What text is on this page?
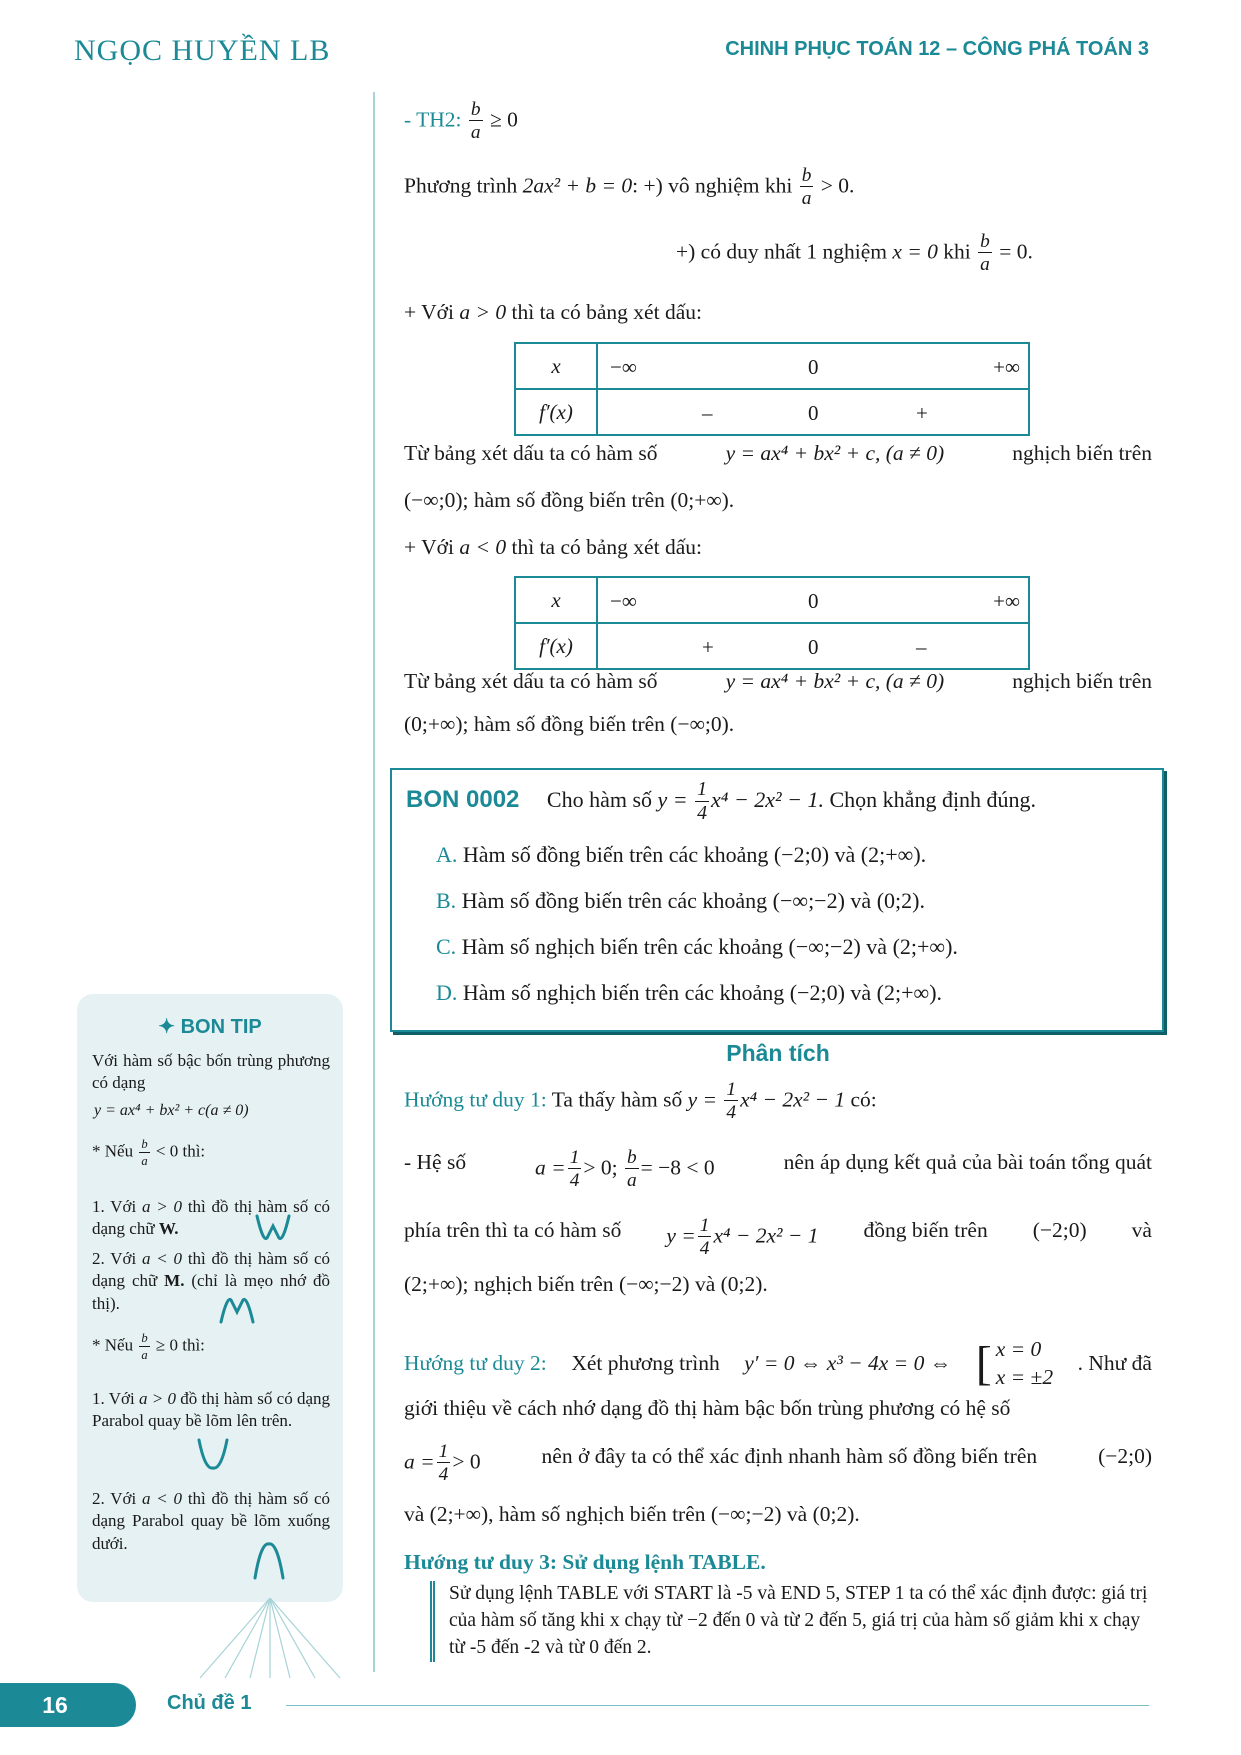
NGỌC HUYỀN LB	CHINH PHỤC TOÁN 12 – CÔNG PHÁ TOÁN 3
- TH2: $\frac{b}{a} \ge 0$
Phương trình 2ax² + b = 0: +) vô nghiệm khi $\frac{b}{a} > 0$.
+) có duy nhất 1 nghiệm x = 0 khi $\frac{b}{a} = 0$.
+ Với a > 0 thì ta có bảng xét dấu:
x	−∞ 0 +∞

f′(x)	– 0 +
Từ bảng xét dấu ta có hàm số	y = ax⁴ + bx² + c, (a ≠ 0)	nghịch biến trên
(−∞;0); hàm số đồng biến trên (0;+∞).
+ Với a < 0 thì ta có bảng xét dấu:
x	−∞ 0 +∞

f′(x)	+ 0 –
Từ bảng xét dấu ta có hàm số	y = ax⁴ + bx² + c, (a ≠ 0)	nghịch biến trên
(0;+∞); hàm số đồng biến trên (−∞;0).
BON 0002 Cho hàm số $y = \frac{1}{4} x^4 - 2x^2 - 1$. Chọn khẳng định đúng.
A. Hàm số đồng biến trên các khoảng (−2;0) và (2;+∞).
B. Hàm số đồng biến trên các khoảng (−∞;−2) và (0;2).
C. Hàm số nghịch biến trên các khoảng (−∞;−2) và (2;+∞).
D. Hàm số nghịch biến trên các khoảng (−2;0) và (2;+∞).
Phân tích
Hướng tư duy 1: Ta thấy hàm số $y = \frac{1}{4} x^4 - 2x^2 - 1$ có:
- Hệ số	$a = \frac{1}{4} > 0$; $\frac{b}{a} = -8 < 0$	nên áp dụng kết quả của bài toán tổng quát
phía trên thì ta có hàm số $y = \frac{1}{4} x^4 - 2x^2 - 1$ đồng biến trên (−2;0) và
(2;+∞); nghịch biến trên (−∞;−2) và (0;2).
Hướng tư duy 2: Xét phương trình y′ = 0 ⇔ x³ − 4x = 0 ⇔ [ x = 0
x = ±2
. Như đã
giới thiệu về cách nhớ dạng đồ thị hàm bậc bốn trùng phương có hệ số
$a = \frac{1}{4} > 0$	nên ở đây ta có thể xác định nhanh hàm số đồng biến trên	(−2;0)
và (2;+∞), hàm số nghịch biến trên (−∞;−2) và (0;2).
Hướng tư duy 3: Sử dụng lệnh TABLE.
Sử dụng lệnh TABLE với START là -5 và END 5, STEP 1 ta có thể xác định được: giá trị của hàm số tăng khi x chạy từ −2 đến 0 và từ 2 đến 5, giá trị của hàm số giảm khi x chạy từ -5 đến -2 và từ 0 đến 2.
✦ BON TIP
Với hàm số bậc bốn trùng phương có dạng
y = ax⁴ + bx² + c(a ≠ 0)
* Nếu $\frac{b}{a} < 0$ thì:
1. Với a > 0 thì đồ thị hàm số có dạng chữ W.
2. Với a < 0 thì đồ thị hàm số có dạng chữ M. (chỉ là mẹo nhớ đồ thị).
* Nếu $\frac{b}{a} \ge 0$ thì:
1. Với a > 0 đồ thị hàm số có dạng Parabol quay bề lõm lên trên.
2. Với a < 0 thì đồ thị hàm số có dạng Parabol quay bề lõm xuống dưới.
16	Chủ đề 1
